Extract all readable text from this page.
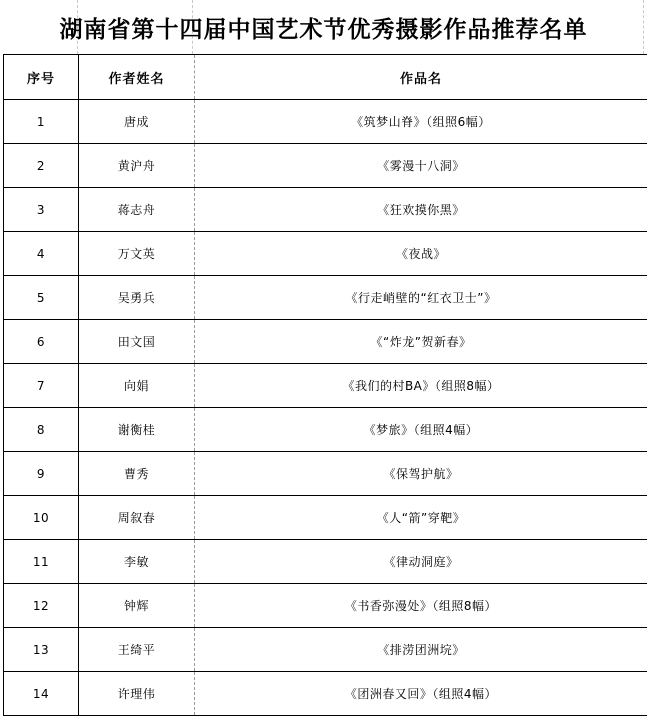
湖南省第十四届中国艺术节优秀摄影作品推荐名单
序号	作者姓名	作品名
1	唐成	《筑梦山脊》（组照6幅）
2	黄沪舟	《雾漫十八洞》
3	蒋志舟	《狂欢摸你黑》
4	万文英	《夜战》
5	吴勇兵	《行走峭壁的“红衣卫士”》
6	田文国	《“炸龙”贺新春》
7	向娟	《我们的村BA》（组照8幅）
8	谢衡桂	《梦旅》（组照4幅）
9	曹秀	《保驾护航》
10	周叙春	《人“箭”穿靶》
11	李敏	《律动洞庭》
12	钟辉	《书香弥漫处》（组照8幅）
13	王绮平	《排涝团洲垸》
14	许理伟	《团洲春又回》（组照4幅）
